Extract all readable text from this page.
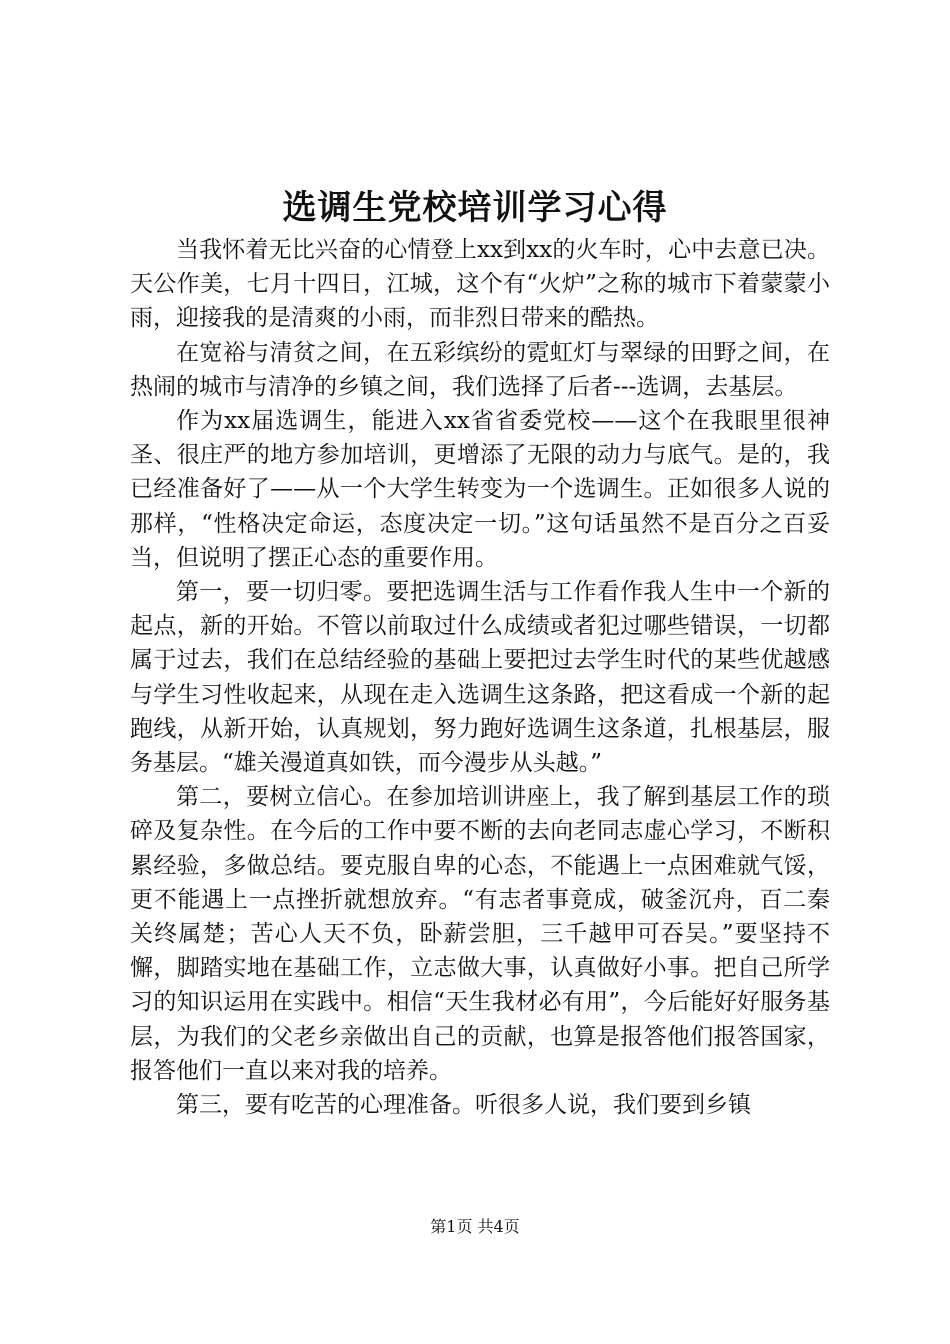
选调生党校培训学习心得

当我怀着无比兴奋的心情登上xx到xx的火车时，心中去意已决。天公作美，七月十四日，江城，这个有“火炉”之称的城市下着蒙蒙小雨，迎接我的是清爽的小雨，而非烈日带来的酷热。

在宽裕与清贫之间，在五彩缤纷的霓虹灯与翠绿的田野之间，在热闹的城市与清净的乡镇之间，我们选择了后者---选调，去基层。

作为xx届选调生，能进入xx省省委党校——这个在我眼里很神圣、很庄严的地方参加培训，更增添了无限的动力与底气。是的，我已经准备好了——从一个大学生转变为一个选调生。正如很多人说的那样，“性格决定命运，态度决定一切。”这句话虽然不是百分之百妥当，但说明了摆正心态的重要作用。

第一，要一切归零。要把选调生活与工作看作我人生中一个新的起点，新的开始。不管以前取过什么成绩或者犯过哪些错误，一切都属于过去，我们在总结经验的基础上要把过去学生时代的某些优越感与学生习性收起来，从现在走入选调生这条路，把这看成一个新的起跑线，从新开始，认真规划，努力跑好选调生这条道，扎根基层，服务基层。“雄关漫道真如铁，而今漫步从头越。”

第二，要树立信心。在参加培训讲座上，我了解到基层工作的琐碎及复杂性。在今后的工作中要不断的去向老同志虚心学习，不断积累经验，多做总结。要克服自卑的心态，不能遇上一点困难就气馁，更不能遇上一点挫折就想放弃。“有志者事竟成，破釜沉舟，百二秦关终属楚；苦心人天不负，卧薪尝胆，三千越甲可吞吴。”要坚持不懈，脚踏实地在基础工作，立志做大事，认真做好小事。把自己所学习的知识运用在实践中。相信“天生我材必有用”，今后能好好服务基层，为我们的父老乡亲做出自己的贡献，也算是报答他们报答国家，报答他们一直以来对我的培养。

第三，要有吃苦的心理准备。听很多人说，我们要到乡镇

第1页 共4页
